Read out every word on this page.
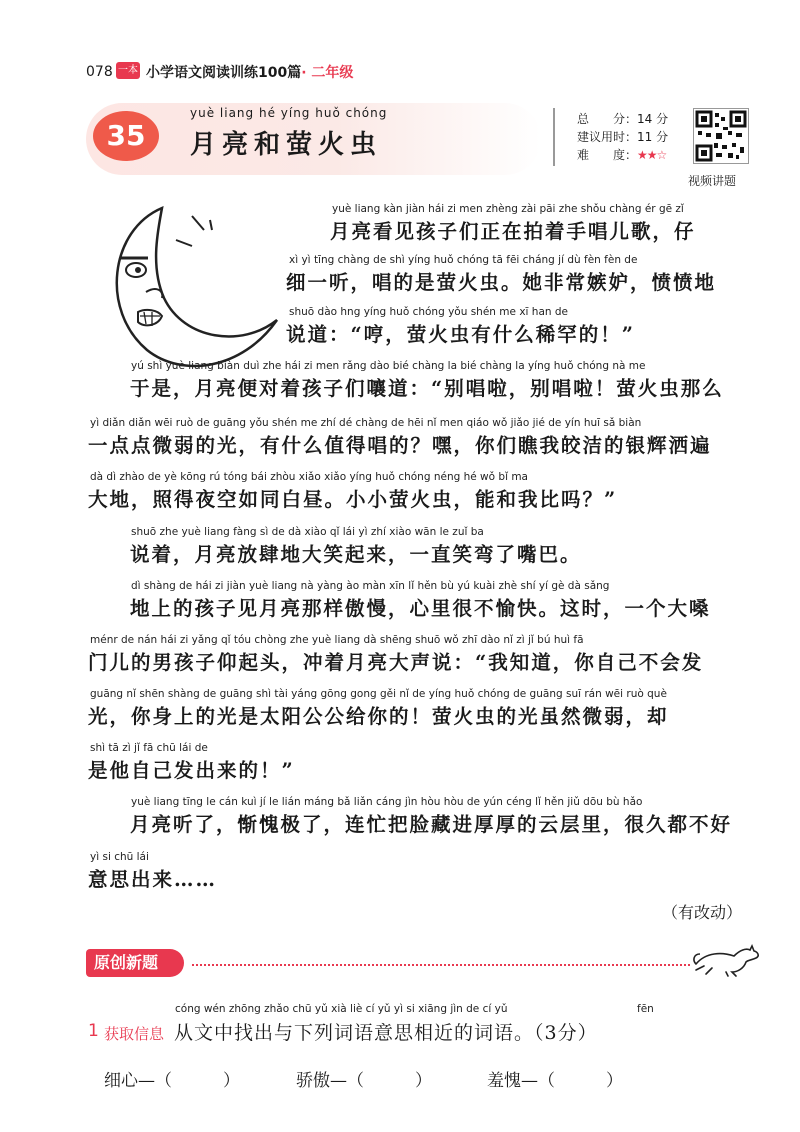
078 一本 小学语文阅读训练100篇· 二年级
35
yuè liang hé yíng huǒ chóng
月亮和萤火虫
总　　分：14 分
建议用时：11 分
难　　度：★★☆
视频讲题
yuè liang kàn jiàn hái zi men zhèng zài pāi zhe shǒu chàng ér gē zǐ
月亮看见孩子们正在拍着手唱儿歌，仔
xì yì tīng chàng de shì yíng huǒ chóng tā fēi cháng jí dù fèn fèn de
细一听，唱的是萤火虫。她非常嫉妒，愤愤地
shuō dào hng yíng huǒ chóng yǒu shén me xī han de
说道：“哼，萤火虫有什么稀罕的！”
yú shì yuè liang biàn duì zhe hái zi men rǎng dào bié chàng la bié chàng la yíng huǒ chóng nà me
于是，月亮便对着孩子们嚷道：“别唱啦，别唱啦！萤火虫那么
yì diǎn diǎn wēi ruò de guāng yǒu shén me zhí dé chàng de hēi nǐ men qiáo wǒ jiǎo jié de yín huī sǎ biàn
一点点微弱的光，有什么值得唱的？嘿，你们瞧我皎洁的银辉洒遍
dà dì zhào de yè kōng rú tóng bái zhòu xiǎo xiǎo yíng huǒ chóng néng hé wǒ bǐ ma
大地，照得夜空如同白昼。小小萤火虫，能和我比吗？”
shuō zhe yuè liang fàng sì de dà xiào qǐ lái yì zhí xiào wān le zuǐ ba
说着，月亮放肆地大笑起来，一直笑弯了嘴巴。
dì shàng de hái zi jiàn yuè liang nà yàng ào màn xīn lǐ hěn bù yú kuài zhè shí yí gè dà sǎng
地上的孩子见月亮那样傲慢，心里很不愉快。这时，一个大嗓
ménr de nán hái zi yǎng qǐ tóu chòng zhe yuè liang dà shēng shuō wǒ zhī dào nǐ zì jǐ bú huì fā
门儿的男孩子仰起头，冲着月亮大声说：“我知道，你自己不会发
guāng nǐ shēn shàng de guāng shì tài yáng gōng gong gěi nǐ de yíng huǒ chóng de guāng suī rán wēi ruò què
光，你身上的光是太阳公公给你的！萤火虫的光虽然微弱，却
shì tā zì jǐ fā chū lái de
是他自己发出来的！”
yuè liang tīng le cán kuì jí le lián máng bǎ liǎn cáng jìn hòu hòu de yún céng lǐ hěn jiǔ dōu bù hǎo
月亮听了，惭愧极了，连忙把脸藏进厚厚的云层里，很久都不好
yì si chū lái
意思出来……
（有改动）
原创新题
1 获取信息
cóng wén zhōng zhǎo chū yǔ xià liè cí yǔ yì si xiāng jìn de cí yǔ	fēn
从文中找出与下列词语意思相近的词语。（3分）
细心—（　　　）	骄傲—（　　　）	羞愧—（　　　）
